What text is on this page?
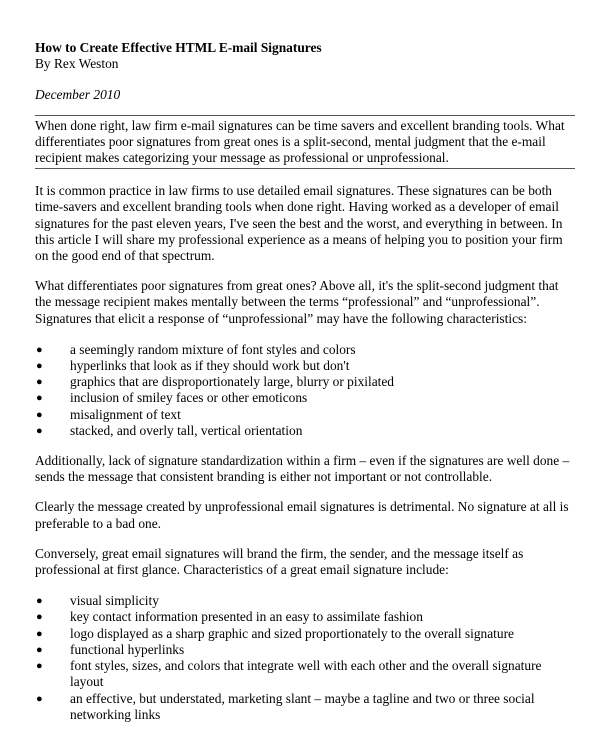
How to Create Effective HTML E-mail Signatures

By Rex Weston

December 2010

When done right, law firm e-mail signatures can be time savers and excellent branding tools. What differentiates poor signatures from great ones is a split-second, mental judgment that the e-mail recipient makes categorizing your message as professional or unprofessional.

It is common practice in law firms to use detailed email signatures. These signatures can be both time-savers and excellent branding tools when done right. Having worked as a developer of email signatures for the past eleven years, I've seen the best and the worst, and everything in between. In this article I will share my professional experience as a means of helping you to position your firm on the good end of that spectrum.

What differentiates poor signatures from great ones? Above all, it's the split-second judgment that the message recipient makes mentally between the terms “professional” and “unprofessional”. Signatures that elicit a response of “unprofessional” may have the following characteristics:

● a seemingly random mixture of font styles and colors
● hyperlinks that look as if they should work but don't
● graphics that are disproportionately large, blurry or pixilated
● inclusion of smiley faces or other emoticons
● misalignment of text
● stacked, and overly tall, vertical orientation

Additionally, lack of signature standardization within a firm – even if the signatures are well done – sends the message that consistent branding is either not important or not controllable.

Clearly the message created by unprofessional email signatures is detrimental. No signature at all is preferable to a bad one.

Conversely, great email signatures will brand the firm, the sender, and the message itself as professional at first glance. Characteristics of a great email signature include:

● visual simplicity
● key contact information presented in an easy to assimilate fashion
● logo displayed as a sharp graphic and sized proportionately to the overall signature
● functional hyperlinks
● font styles, sizes, and colors that integrate well with each other and the overall signature layout
● an effective, but understated, marketing slant – maybe a tagline and two or three social networking links
